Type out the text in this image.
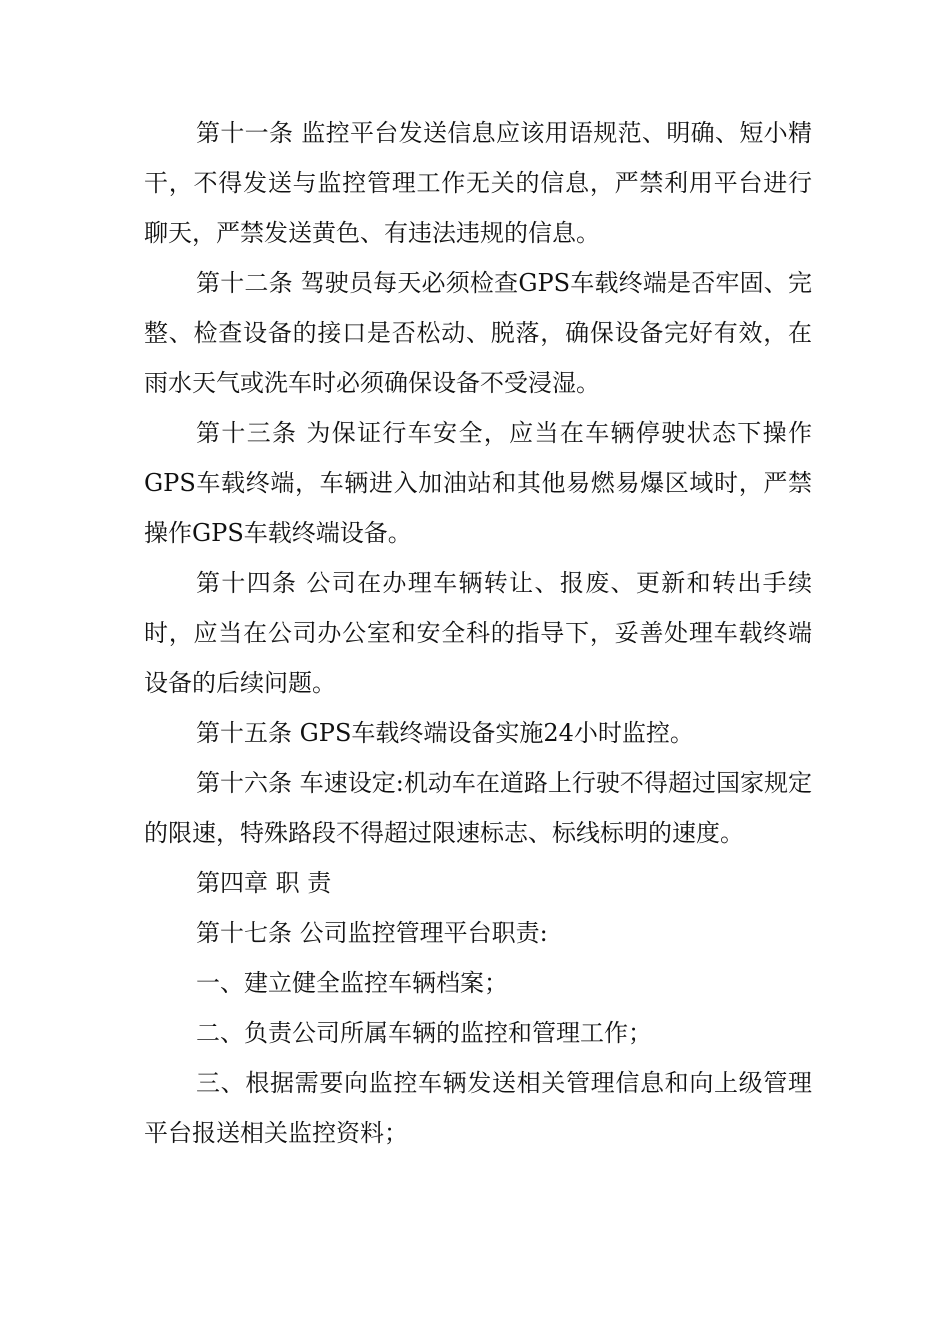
第十一条 监控平台发送信息应该用语规范、明确、短小精干，不得发送与监控管理工作无关的信息，严禁利用平台进行聊天，严禁发送黄色、有违法违规的信息。

第十二条 驾驶员每天必须检查GPS车载终端是否牢固、完整、检查设备的接口是否松动、脱落，确保设备完好有效，在雨水天气或洗车时必须确保设备不受浸湿。

第十三条 为保证行车安全，应当在车辆停驶状态下操作GPS车载终端，车辆进入加油站和其他易燃易爆区域时，严禁操作GPS车载终端设备。

第十四条 公司在办理车辆转让、报废、更新和转出手续时，应当在公司办公室和安全科的指导下，妥善处理车载终端设备的后续问题。

第十五条 GPS车载终端设备实施24小时监控。

第十六条 车速设定:机动车在道路上行驶不得超过国家规定的限速，特殊路段不得超过限速标志、标线标明的速度。

第四章 职 责

第十七条 公司监控管理平台职责:

一、建立健全监控车辆档案；

二、负责公司所属车辆的监控和管理工作；

三、根据需要向监控车辆发送相关管理信息和向上级管理平台报送相关监控资料；
